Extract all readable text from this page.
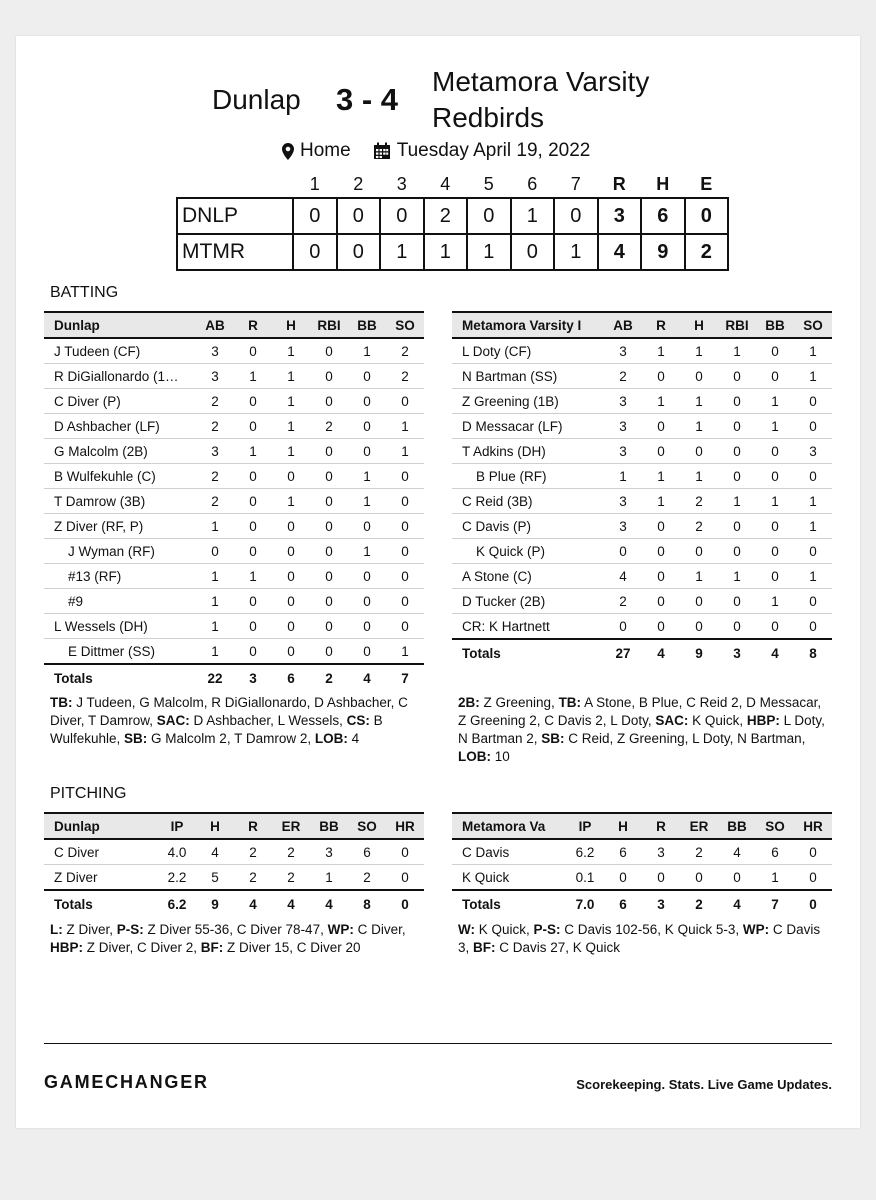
Dunlap 3 - 4
Metamora Varsity
Redbirds
Home Tuesday April 19, 2022
	1	2	3	4	5	6	7	R	H	E
DNLP	0	0	0	2	0	1	0	3	6	0
MTMR	0	0	1	1	1	0	1	4	9	2
BATTING
Dunlap	AB	R	H	RBI	BB	SO
J Tudeen (CF)	3	0	1	0	1	2
R DiGiallonardo (1…	3	1	1	0	0	2
C Diver (P)	2	0	1	0	0	0
D Ashbacher (LF)	2	0	1	2	0	1
G Malcolm (2B)	3	1	1	0	0	1
B Wulfekuhle (C)	2	0	0	0	1	0
T Damrow (3B)	2	0	1	0	1	0
Z Diver (RF, P)	1	0	0	0	0	0
J Wyman (RF)	0	0	0	0	1	0
#13 (RF)	1	1	0	0	0	0
#9	1	0	0	0	0	0
L Wessels (DH)	1	0	0	0	0	0
E Dittmer (SS)	1	0	0	0	0	1
Totals	22	3	6	2	4	7
Metamora Varsity I	AB	R	H	RBI	BB	SO
L Doty (CF)	3	1	1	1	0	1
N Bartman (SS)	2	0	0	0	0	1
Z Greening (1B)	3	1	1	0	1	0
D Messacar (LF)	3	0	1	0	1	0
T Adkins (DH)	3	0	0	0	0	3
B Plue (RF)	1	1	1	0	0	0
C Reid (3B)	3	1	2	1	1	1
C Davis (P)	3	0	2	0	0	1
K Quick (P)	0	0	0	0	0	0
A Stone (C)	4	0	1	1	0	1
D Tucker (2B)	2	0	0	0	1	0
CR: K Hartnett	0	0	0	0	0	0
Totals	27	4	9	3	4	8
TB: J Tudeen, G Malcolm, R DiGiallonardo, D Ashbacher, C Diver, T Damrow, SAC: D Ashbacher, L Wessels, CS: B Wulfekuhle, SB: G Malcolm 2, T Damrow 2, LOB: 4
2B: Z Greening, TB: A Stone, B Plue, C Reid 2, D Messacar, Z Greening 2, C Davis 2, L Doty, SAC: K Quick, HBP: L Doty, N Bartman 2, SB: C Reid, Z Greening, L Doty, N Bartman, LOB: 10
PITCHING
Dunlap	IP	H	R	ER	BB	SO	HR
C Diver	4.0	4	2	2	3	6	0
Z Diver	2.2	5	2	2	1	2	0
Totals	6.2	9	4	4	4	8	0
Metamora Va	IP	H	R	ER	BB	SO	HR
C Davis	6.2	6	3	2	4	6	0
K Quick	0.1	0	0	0	0	1	0
Totals	7.0	6	3	2	4	7	0
L: Z Diver, P-S: Z Diver 55-36, C Diver 78-47, WP: C Diver, HBP: Z Diver, C Diver 2, BF: Z Diver 15, C Diver 20
W: K Quick, P-S: C Davis 102-56, K Quick 5-3, WP: C Davis 3, BF: C Davis 27, K Quick
GAMECHANGER	Scorekeeping. Stats. Live Game Updates.
